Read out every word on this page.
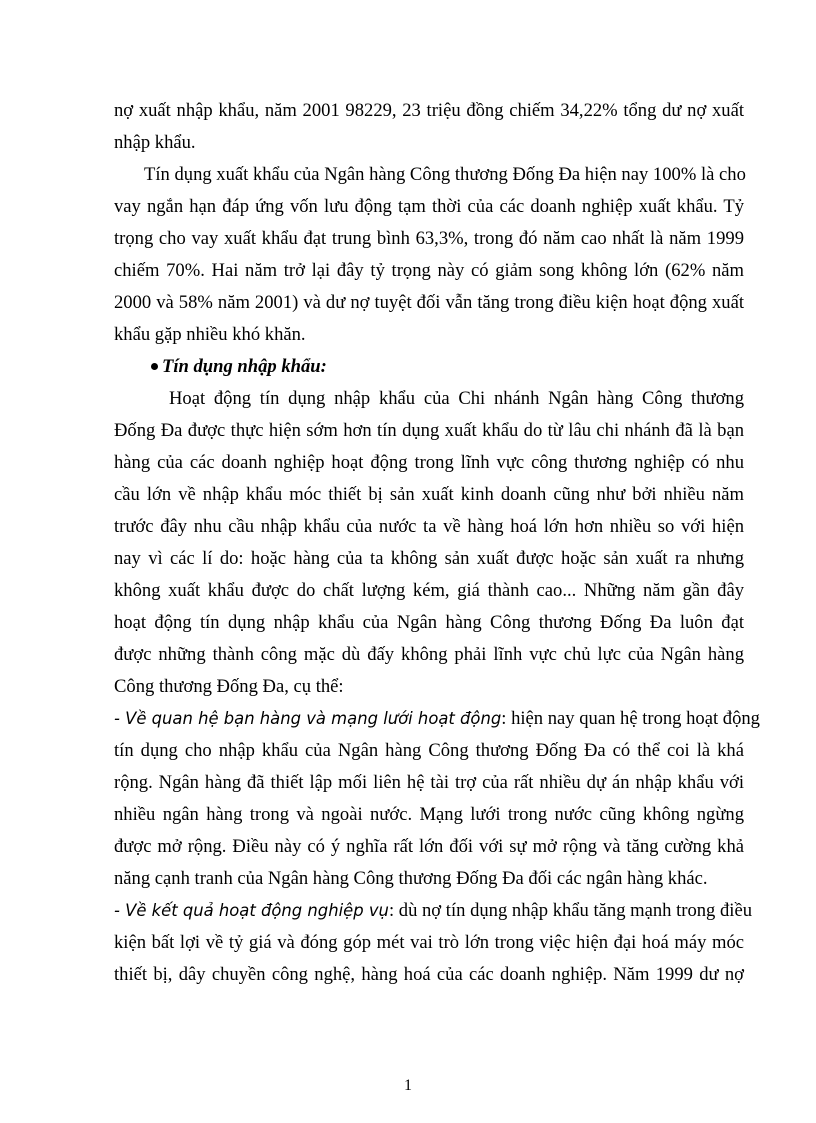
nợ xuất nhập khẩu, năm 2001 98229, 23 triệu đồng chiếm 34,22% tổng dư nợ xuất
nhập khẩu.
Tín dụng xuất khẩu của Ngân hàng Công thương Đống Đa hiện nay 100% là cho
vay ngắn hạn đáp ứng vốn lưu động tạm thời của các doanh nghiệp xuất khẩu. Tỷ
trọng cho vay xuất khẩu đạt trung bình 63,3%, trong đó năm cao nhất là năm 1999
chiếm 70%. Hai năm trở lại đây tỷ trọng này có giảm song không lớn (62% năm
2000 và 58% năm 2001) và dư nợ tuyệt đối vẫn tăng trong điều kiện hoạt động xuất
khẩu gặp nhiều khó khăn.
Tín dụng nhập khẩu:
Hoạt động tín dụng nhập khẩu của Chi nhánh Ngân hàng Công thương
Đống Đa được thực hiện sớm hơn tín dụng xuất khẩu do từ lâu chi nhánh đã là bạn
hàng của các doanh nghiệp hoạt động trong lĩnh vực công thương nghiệp có nhu
cầu lớn về nhập khẩu móc thiết bị sản xuất kinh doanh cũng như bởi nhiều năm
trước đây nhu cầu nhập khẩu của nước ta về hàng hoá lớn hơn nhiều so với hiện
nay vì các lí do: hoặc hàng của ta không sản xuất được hoặc sản xuất ra nhưng
không xuất khẩu được do chất lượng kém, giá thành cao... Những năm gần đây
hoạt động tín dụng nhập khẩu của Ngân hàng Công thương Đống Đa luôn đạt
được những thành công mặc dù đấy không phải lĩnh vực chủ lực của Ngân hàng
Công thương Đống Đa, cụ thể:
- Về quan hệ bạn hàng và mạng lưới hoạt động: hiện nay quan hệ trong hoạt động
tín dụng cho nhập khẩu của Ngân hàng Công thương Đống Đa có thể coi là khá
rộng. Ngân hàng đã thiết lập mối liên hệ tài trợ của rất nhiều dự án nhập khẩu với
nhiều ngân hàng trong và ngoài nước. Mạng lưới trong nước cũng không ngừng
được mở rộng. Điều này có ý nghĩa rất lớn đối với sự mở rộng và tăng cường khả
năng cạnh tranh của Ngân hàng Công thương Đống Đa đối các ngân hàng khác.
- Về kết quả hoạt động nghiệp vụ: dù nợ tín dụng nhập khẩu tăng mạnh trong điều
kiện bất lợi về tỷ giá và đóng góp mét vai trò lớn trong việc hiện đại hoá máy móc
thiết bị, dây chuyền công nghệ, hàng hoá của các doanh nghiệp. Năm 1999 dư nợ
1
